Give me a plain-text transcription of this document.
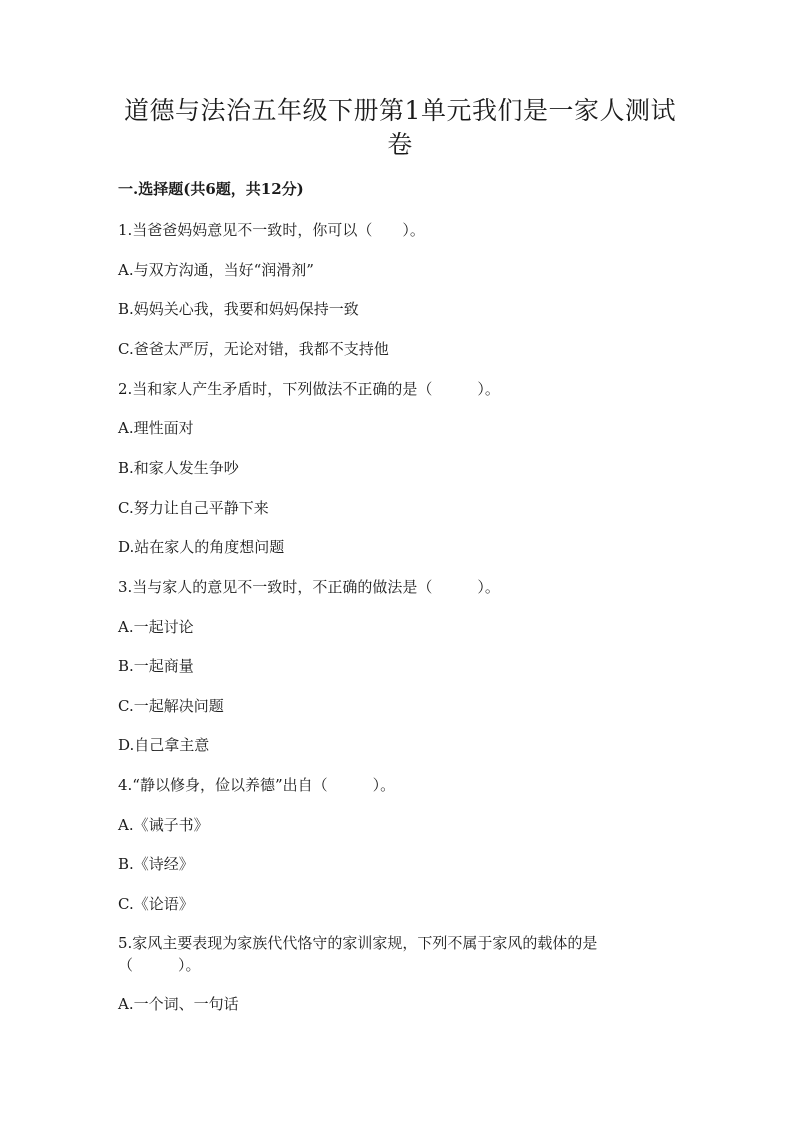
道德与法治五年级下册第1单元我们是一家人测试卷
一.选择题(共6题，共12分)
1.当爸爸妈妈意见不一致时，你可以（　　）。
A.与双方沟通，当好“润滑剂”
B.妈妈关心我，我要和妈妈保持一致
C.爸爸太严厉，无论对错，我都不支持他
2.当和家人产生矛盾时，下列做法不正确的是（　　　）。
A.理性面对
B.和家人发生争吵
C.努力让自己平静下来
D.站在家人的角度想问题
3.当与家人的意见不一致时，不正确的做法是（　　　）。
A.一起讨论
B.一起商量
C.一起解决问题
D.自己拿主意
4.“静以修身，俭以养德”出自（　　　）。
A.《诫子书》
B.《诗经》
C.《论语》
5.家风主要表现为家族代代恪守的家训家规，下列不属于家风的载体的是（　　　）。
A.一个词、一句话
